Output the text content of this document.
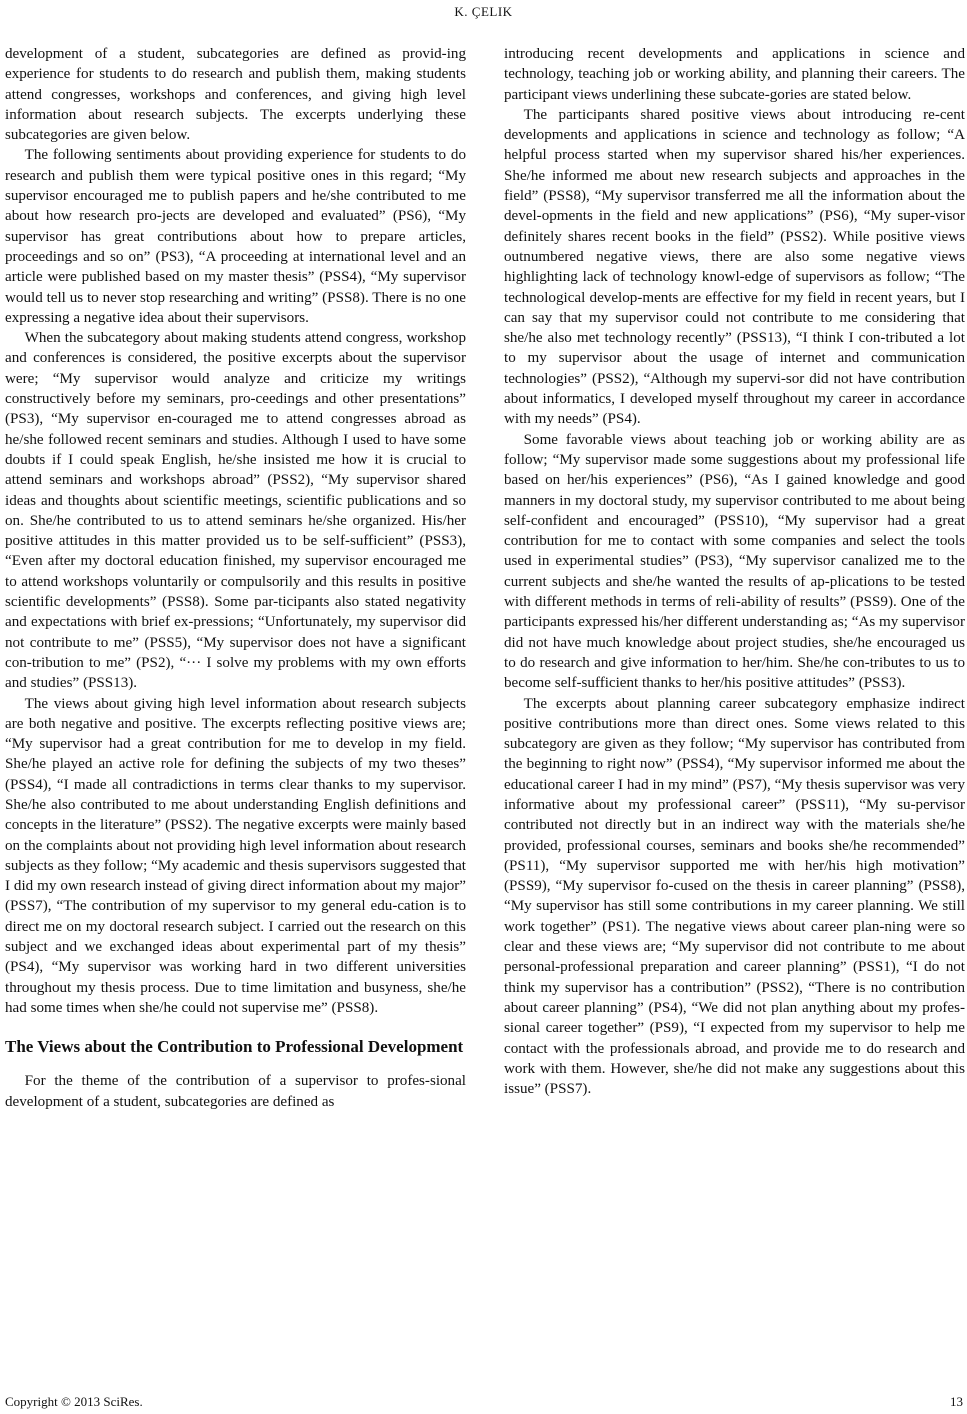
K. ÇELIK

development of a student, subcategories are defined as provid-ing experience for students to do research and publish them, making students attend congresses, workshops and conferences, and giving high level information about research subjects. The excerpts underlying these subcategories are given below.

The following sentiments about providing experience for students to do research and publish them were typical positive ones in this regard; “My supervisor encouraged me to publish papers and he/she contributed to me about how research pro-jects are developed and evaluated” (PS6), “My supervisor has great contributions about how to prepare articles, proceedings and so on” (PS3), “A proceeding at international level and an article were published based on my master thesis” (PSS4), “My supervisor would tell us to never stop researching and writing” (PSS8). There is no one expressing a negative idea about their supervisors.

When the subcategory about making students attend congress, workshop and conferences is considered, the positive excerpts about the supervisor were; “My supervisor would analyze and criticize my writings constructively before my seminars, pro-ceedings and other presentations” (PS3), “My supervisor en-couraged me to attend congresses abroad as he/she followed recent seminars and studies. Although I used to have some doubts if I could speak English, he/she insisted me how it is crucial to attend seminars and workshops abroad” (PSS2), “My supervisor shared ideas and thoughts about scientific meetings, scientific publications and so on. She/he contributed to us to attend seminars he/she organized. His/her positive attitudes in this matter provided us to be self-sufficient” (PSS3), “Even after my doctoral education finished, my supervisor encouraged me to attend workshops voluntarily or compulsorily and this results in positive scientific developments” (PSS8). Some par-ticipants also stated negativity and expectations with brief ex-pressions; “Unfortunately, my supervisor did not contribute to me” (PSS5), “My supervisor does not have a significant con-tribution to me” (PS2), “··· I solve my problems with my own efforts and studies” (PSS13).

The views about giving high level information about research subjects are both negative and positive. The excerpts reflecting positive views are; “My supervisor had a great contribution for me to develop in my field. She/he played an active role for defining the subjects of my two theses” (PSS4), “I made all contradictions in terms clear thanks to my supervisor. She/he also contributed to me about understanding English definitions and concepts in the literature” (PSS2). The negative excerpts were mainly based on the complaints about not providing high level information about research subjects as they follow; “My academic and thesis supervisors suggested that I did my own research instead of giving direct information about my major” (PSS7), “The contribution of my supervisor to my general edu-cation is to direct me on my doctoral research subject. I carried out the research on this subject and we exchanged ideas about experimental part of my thesis” (PS4), “My supervisor was working hard in two different universities throughout my thesis process. Due to time limitation and busyness, she/he had some times when she/he could not supervise me” (PSS8).

The Views about the Contribution to Professional Development

For the theme of the contribution of a supervisor to profes-sional development of a student, subcategories are defined as

introducing recent developments and applications in science and technology, teaching job or working ability, and planning their careers. The participant views underlining these subcate-gories are stated below.

The participants shared positive views about introducing re-cent developments and applications in science and technology as follow; “A helpful process started when my supervisor shared his/her experiences. She/he informed me about new research subjects and approaches in the field” (PSS8), “My supervisor transferred me all the information about the devel-opments in the field and new applications” (PS6), “My super-visor definitely shares recent books in the field” (PSS2). While positive views outnumbered negative views, there are also some negative views highlighting lack of technology knowl-edge of supervisors as follow; “The technological develop-ments are effective for my field in recent years, but I can say that my supervisor could not contribute to me considering that she/he also met technology recently” (PSS13), “I think I con-tributed a lot to my supervisor about the usage of internet and communication technologies” (PSS2), “Although my supervi-sor did not have contribution about informatics, I developed myself throughout my career in accordance with my needs” (PS4).

Some favorable views about teaching job or working ability are as follow; “My supervisor made some suggestions about my professional life based on her/his experiences” (PS6), “As I gained knowledge and good manners in my doctoral study, my supervisor contributed to me about being self-confident and encouraged” (PSS10), “My supervisor had a great contribution for me to contact with some companies and select the tools used in experimental studies” (PS3), “My supervisor canalized me to the current subjects and she/he wanted the results of ap-plications to be tested with different methods in terms of reli-ability of results” (PSS9). One of the participants expressed his/her different understanding as; “As my supervisor did not have much knowledge about project studies, she/he encouraged us to do research and give information to her/him. She/he con-tributes to us to become self-sufficient thanks to her/his positive attitudes” (PSS3).

The excerpts about planning career subcategory emphasize indirect positive contributions more than direct ones. Some views related to this subcategory are given as they follow; “My supervisor has contributed from the beginning to right now” (PSS4), “My supervisor informed me about the educational career I had in my mind” (PS7), “My thesis supervisor was very informative about my professional career” (PSS11), “My su-pervisor contributed not directly but in an indirect way with the materials she/he provided, professional courses, seminars and books she/he recommended” (PS11), “My supervisor supported me with her/his high motivation” (PSS9), “My supervisor fo-cused on the thesis in career planning” (PSS8), “My supervisor has still some contributions in my career planning. We still work together” (PS1). The negative views about career plan-ning were so clear and these views are; “My supervisor did not contribute to me about personal-professional preparation and career planning” (PSS1), “I do not think my supervisor has a contribution” (PSS2), “There is no contribution about career planning” (PS4), “We did not plan anything about my profes-sional career together” (PS9), “I expected from my supervisor to help me contact with the professionals abroad, and provide me to do research and work with them. However, she/he did not make any suggestions about this issue” (PSS7).

Copyright © 2013 SciRes.	13
